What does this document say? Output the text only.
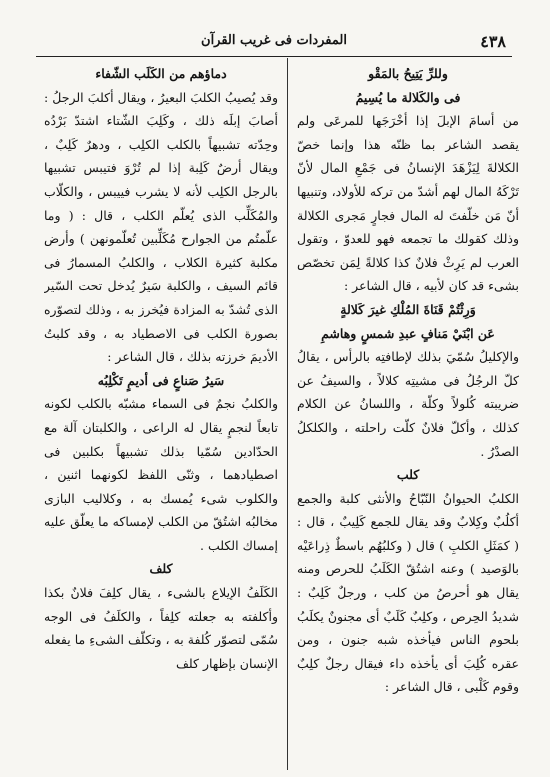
٤٣٨
المفردات فى غريب القرآن

وللرِّ يَتِيحُ بالمَقْو

فى والكَلالة ما يُسِيمُ

من أسامَ الإبلَ إذا أخْرَجَها للمرعَى ولم يقصد الشاعر بما ظنّه هذا وإنما خصّ الكلالةَ لِيَزْهَدَ الإنسانُ فى جَمْعِ المال لأنّ تَرْكَهُ المال لهم أشدّ من تركه للأولاد، وتنبيها أنّ مَن خلّفتَ له المال فجارٍ مَجرى الكلالة وذلك كقولك ما تجمعه فهو للعدوّ ، وتقول العرب لم يَرِثْ فلانٌ كذا كلالةً لِمَن تخصّص بشىء قد كان لأبيه ، قال الشاعر :

وَرِثْتُمْ قَنَاةَ المُلْكِ غيرَ كَلالةٍ

عَن ابْنَيْ مَنافٍ عبدِ شمسٍ وهاشمِ

والإكليلُ سُمّيَ بذلك لإطافتِه بالرأس ، يقالُ كلّ الرجُلُ فى مشيتِه كلالاً ، والسيفُ عن ضريبته كُلولاً وكلّة ، واللسانُ عن الكلام كذلك ، وأكلّ فلانٌ كلّت راحلته ، والكلكلُ الصدْرُ .

كلب

الكلبُ الحيوانُ النّبّاحُ والأنثى كلبة والجمع أكلُبٌ وكِلابٌ وقد يقال للجمع كَلِيبٌ ، قال : ( كمَثَلِ الكلبِ ) قال ( وكلبُهُم باسطٌ ذِراعَيْه بالوَصيد ) وعنه اشتُقّ الكَلَبُ للحرص ومنه يقال هو أحرصُ من كلب ، ورجلٌ كَلِبٌ : شديدُ الحِرص ، وكلِبٌ كَلَبٌ أى مجنونٌ يكلَبُ بلحوم الناس فيأخذه شبه جنون ، ومن عقره كُلِبَ أى يأخذه داء فيقال رجلٌ كلِبٌ وقوم كَلْبى ، قال الشاعر :

دماؤهم من الكَلَب الشّفاء

وقد يُصيبُ الكلبَ البعيرُ ، ويقال أكلبَ الرجلُ : أصابَ إبلَه ذلك ، وكَلِبَ الشّتاء اشتدّ بَرْدُه وحِدّته تشبيهاً بالكلب الكلِب ، ودهرٌ كَلِبٌ ، ويقال أرضٌ كَلِبة إذا لم تُرْوَ فتيبس تشبيها بالرجل الكلِب لأنه لا يشرب فييبس ، والكلّاب والمُكَلِّب الذى يُعلّم الكلب ، قال : ( وما علّمتُم من الجوارح مُكَلِّبين تُعلّمونهن ) وأرض مكلبة كثيرة الكلاب ، والكلبُ المسمارُ فى قائم السيف ، والكلبة سَيرٌ يُدخل تحت السّير الذى تُشدّ به المزادة فيُخرز به ، وذلك لتصوّره بصورة الكلب فى الاصطياد به ، وقد كلبتُ الأديمَ خرزته بذلك ، قال الشاعر :

سَيرُ صَناعٍ فى أديمٍ تَكْلِبُه

والكلبُ نجمٌ فى السماء مشبّه بالكلب لكونه تابعاً لنجمٍ يقال له الراعى ، والكلبتان آلة مع الحدّادين سُمّيا بذلك تشبيهاً بكلبين فى اصطيادهما ، وثنّى اللفظ لكونهما اثنين ، والكلوب شىء يُمسك به ، وكلاليب البازى مخالبُه اشتُقّ من الكلب لإمساكه ما يعلّق عليه إمساك الكلب .

كلف

الكَلَفُ الإيلاع بالشىء ، يقال كلِفَ فلانٌ بكذا وأكلفته به جعلته كلِفاً ، والكلَفُ فى الوجه سُمّى لتصوّر كُلفة به ، وتكلّف الشىءِ ما يفعله الإنسان بإظهار كلف
